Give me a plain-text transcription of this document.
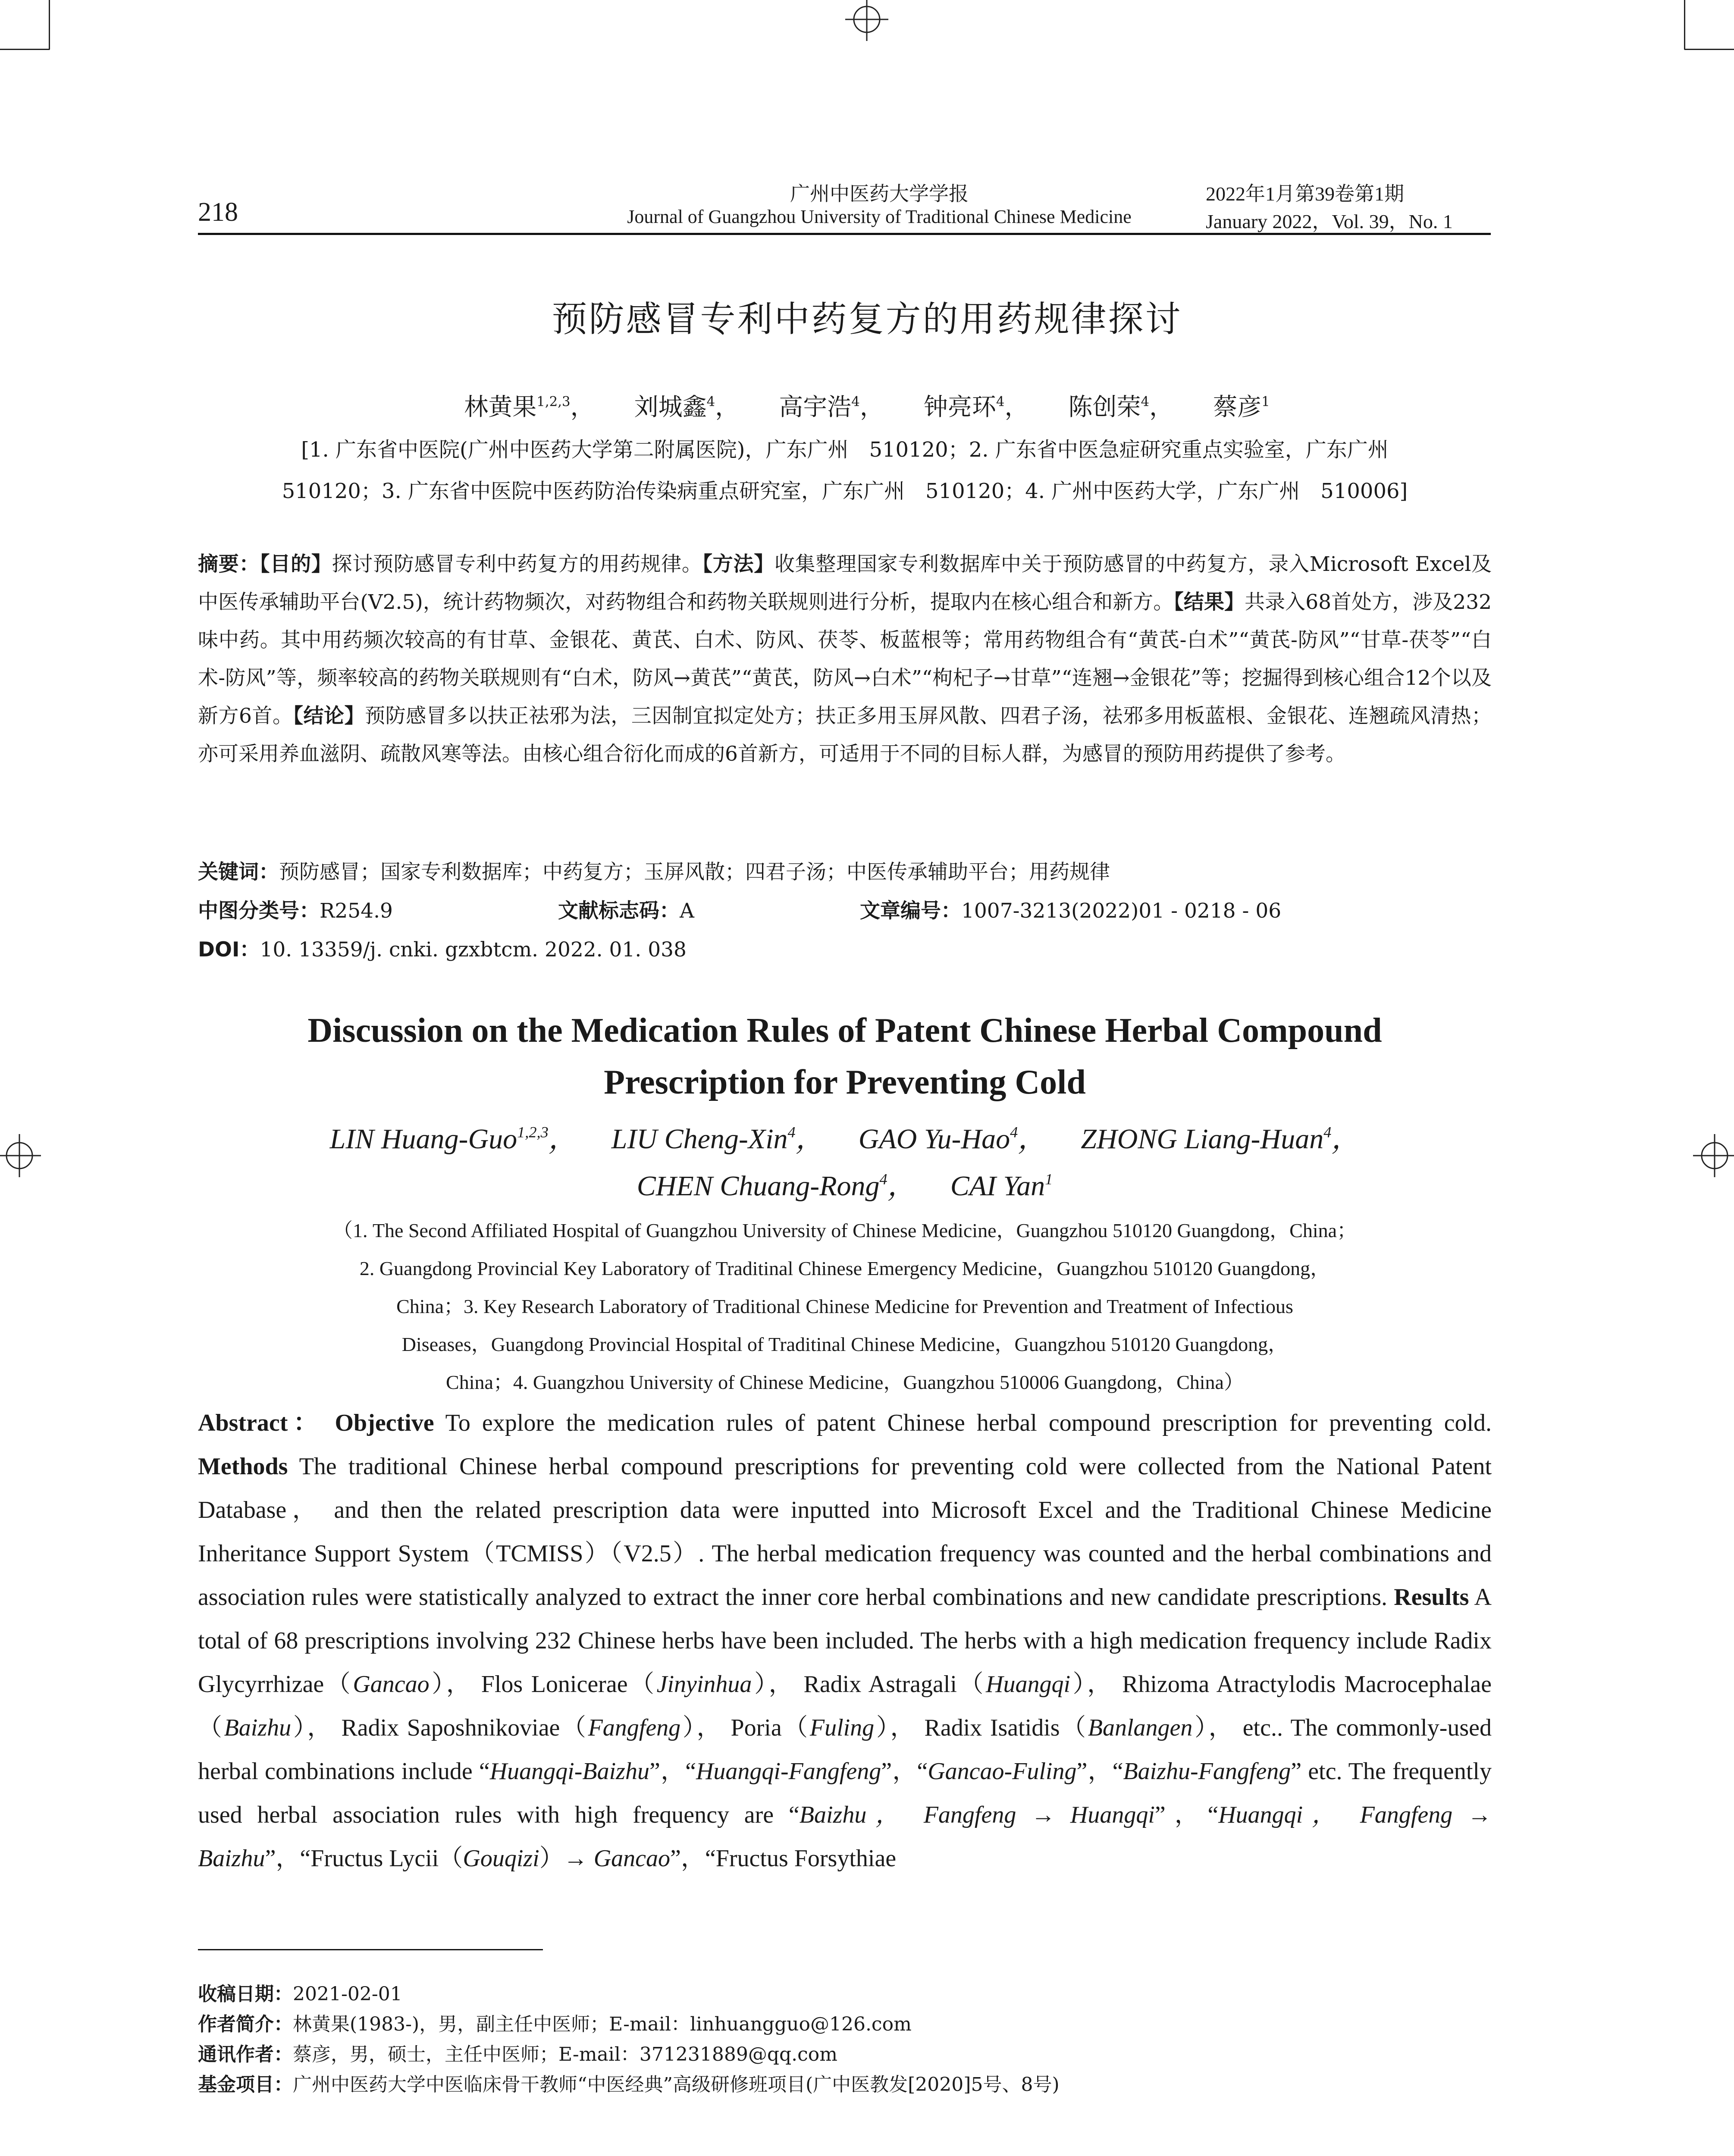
218
广州中医药大学学报
Journal of Guangzhou University of Traditional Chinese Medicine
2022年1月第39卷第1期
January 2022，Vol. 39，No. 1
预防感冒专利中药复方的用药规律探讨
林黄果$^{1,2,3}$， 刘城鑫$^4$， 高宇浩$^4$， 钟亮环$^4$， 陈创荣$^4$， 蔡彦$^1$
[1. 广东省中医院(广州中医药大学第二附属医院)，广东广州　510120；2. 广东省中医急症研究重点实验室，广东广州
510120；3. 广东省中医院中医药防治传染病重点研究室，广东广州　510120；4. 广州中医药大学，广东广州　510006]
摘要：【目的】探讨预防感冒专利中药复方的用药规律。【方法】收集整理国家专利数据库中关于预防感冒的中药复方，录入Microsoft Excel及中医传承辅助平台(V2.5)，统计药物频次，对药物组合和药物关联规则进行分析，提取内在核心组合和新方。【结果】共录入68首处方，涉及232味中药。其中用药频次较高的有甘草、金银花、黄芪、白术、防风、茯苓、板蓝根等；常用药物组合有“黄芪-白术”“黄芪-防风”“甘草-茯苓”“白术-防风”等，频率较高的药物关联规则有“白术，防风→黄芪”“黄芪，防风→白术”“枸杞子→甘草”“连翘→金银花”等；挖掘得到核心组合12个以及新方6首。【结论】预防感冒多以扶正祛邪为法，三因制宜拟定处方；扶正多用玉屏风散、四君子汤，祛邪多用板蓝根、金银花、连翘疏风清热；亦可采用养血滋阴、疏散风寒等法。由核心组合衍化而成的6首新方，可适用于不同的目标人群，为感冒的预防用药提供了参考。
关键词：预防感冒；国家专利数据库；中药复方；玉屏风散；四君子汤；中医传承辅助平台；用药规律
中图分类号：R254.9	文献标志码：A	文章编号：1007-3213(2022)01 - 0218 - 06
DOI：10. 13359/j. cnki. gzxbtcm. 2022. 01. 038
Discussion on the Medication Rules of Patent Chinese Herbal Compound
Prescription for Preventing Cold
LIN Huang-Guo$^{1,2,3}$， LIU Cheng-Xin$^4$， GAO Yu-Hao$^4$， ZHONG Liang-Huan$^4$，
CHEN Chuang-Rong$^4$， CAI Yan$^1$
（1. The Second Affiliated Hospital of Guangzhou University of Chinese Medicine，Guangzhou 510120 Guangdong，China；
2. Guangdong Provincial Key Laboratory of Traditinal Chinese Emergency Medicine，Guangzhou 510120 Guangdong，
China；3. Key Research Laboratory of Traditional Chinese Medicine for Prevention and Treatment of Infectious
Diseases，Guangdong Provincial Hospital of Traditinal Chinese Medicine，Guangzhou 510120 Guangdong，
China；4. Guangzhou University of Chinese Medicine，Guangzhou 510006 Guangdong，China）
Abstract： Objective To explore the medication rules of patent Chinese herbal compound prescription for preventing cold. Methods The traditional Chinese herbal compound prescriptions for preventing cold were collected from the National Patent Database， and then the related prescription data were inputted into Microsoft Excel and the Traditional Chinese Medicine Inheritance Support System（TCMISS）（V2.5）. The herbal medication frequency was counted and the herbal combinations and association rules were statistically analyzed to extract the inner core herbal combinations and new candidate prescriptions. Results A total of 68 prescriptions involving 232 Chinese herbs have been included. The herbs with a high medication frequency include Radix Glycyrrhizae（Gancao）， Flos Lonicerae（Jinyinhua）， Radix Astragali（Huangqi）， Rhizoma Atractylodis Macrocephalae（Baizhu）， Radix Saposhnikoviae（Fangfeng）， Poria（Fuling）， Radix Isatidis（Banlangen）， etc.. The commonly-used herbal combinations include “Huangqi-Baizhu”，“Huangqi-Fangfeng”，“Gancao-Fuling”，“Baizhu-Fangfeng” etc. The frequently used herbal association rules with high frequency are “Baizhu， Fangfeng → Huangqi”，“Huangqi， Fangfeng → Baizhu”，“Fructus Lycii（Gouqizi）→ Gancao”，“Fructus Forsythiae
收稿日期：2021-02-01
作者简介：林黄果(1983-)，男，副主任中医师；E-mail：linhuangguo@126.com
通讯作者：蔡彦，男，硕士，主任中医师；E-mail：371231889@qq.com
基金项目：广州中医药大学中医临床骨干教师“中医经典”高级研修班项目(广中医教发[2020]5号、8号)
